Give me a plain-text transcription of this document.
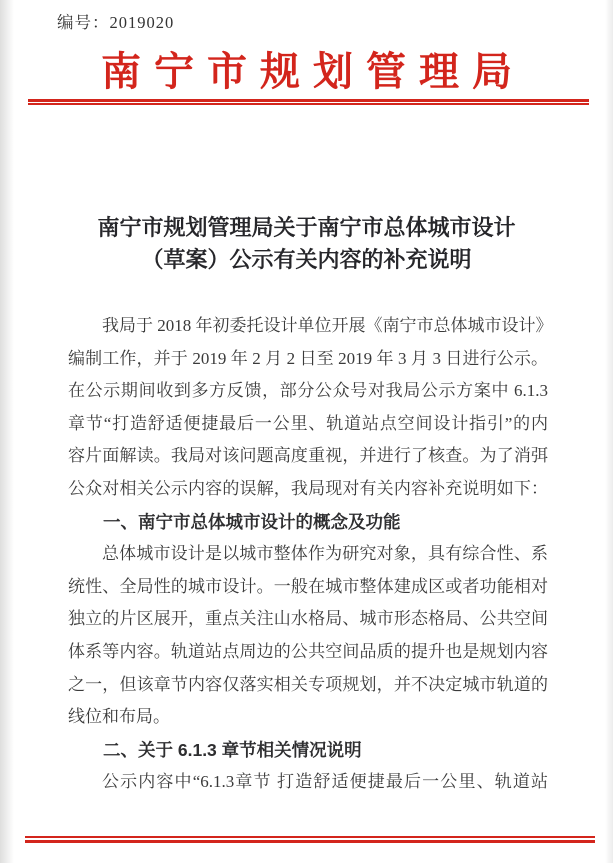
编号：2019020
南宁市规划管理局
南宁市规划管理局关于南宁市总体城市设计
（草案）公示有关内容的补充说明
我局于 2018 年初委托设计单位开展《南宁市总体城市设计》
编制工作，并于 2019 年 2 月 2 日至 2019 年 3 月 3 日进行公示。
在公示期间收到多方反馈，部分公众号对我局公示方案中 6.1.3
章节“打造舒适便捷最后一公里、轨道站点空间设计指引”的内
容片面解读。我局对该问题高度重视，并进行了核查。为了消弭
公众对相关公示内容的误解，我局现对有关内容补充说明如下：
一、南宁市总体城市设计的概念及功能
总体城市设计是以城市整体作为研究对象，具有综合性、系
统性、全局性的城市设计。一般在城市整体建成区或者功能相对
独立的片区展开，重点关注山水格局、城市形态格局、公共空间
体系等内容。轨道站点周边的公共空间品质的提升也是规划内容
之一，但该章节内容仅落实相关专项规划，并不决定城市轨道的
线位和布局。
二、关于 6.1.3 章节相关情况说明
公示内容中“6.1.3章节 打造舒适便捷最后一公里、轨道站
